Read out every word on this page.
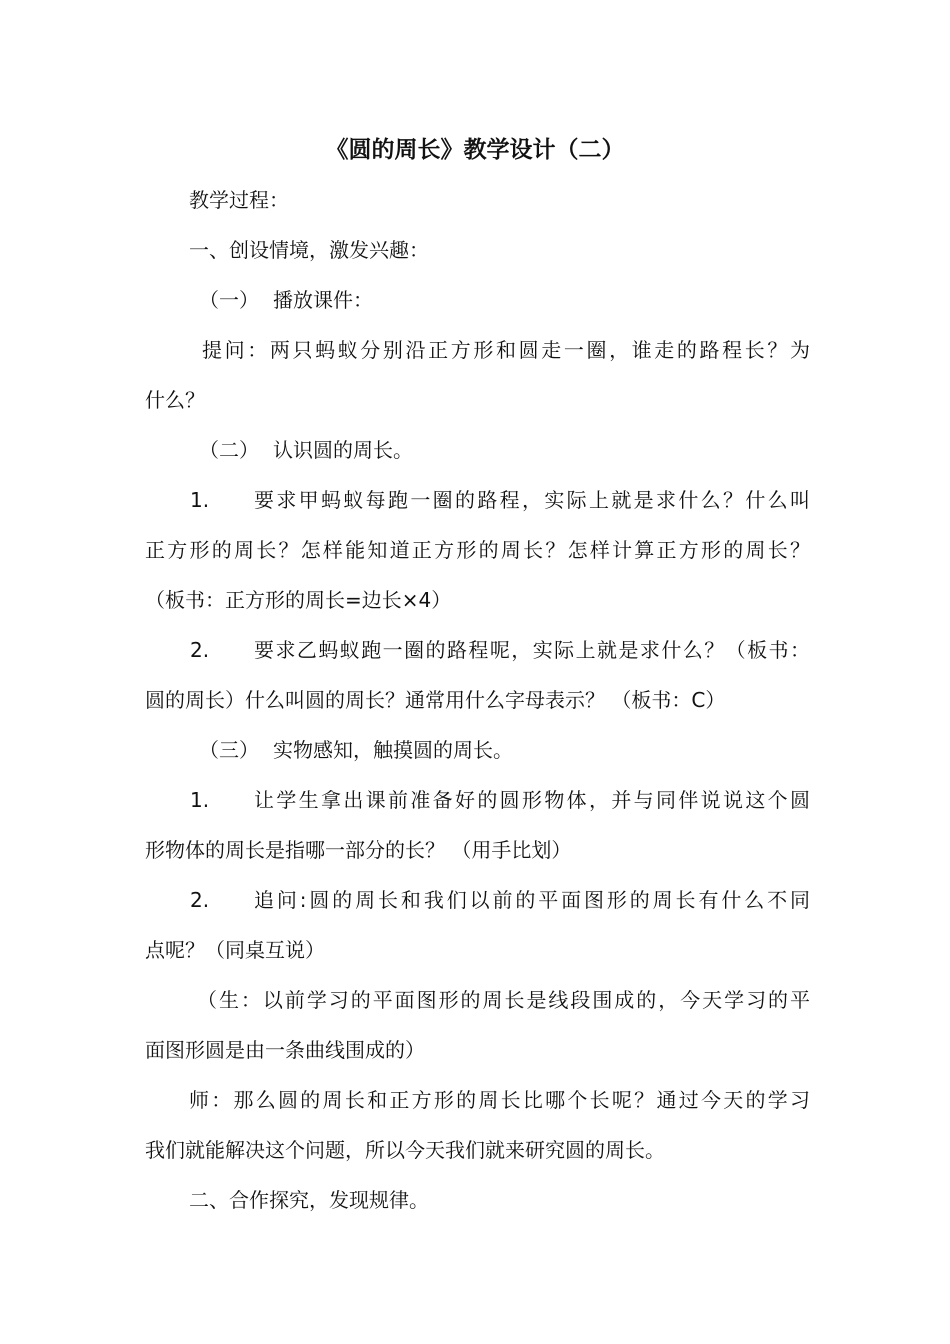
《圆的周长》教学设计（二）
教学过程：
一、创设情境，激发兴趣：
（一） 播放课件：
提问：两只蚂蚁分别沿正方形和圆走一圈，谁走的路程长？为
什么？
（二） 认识圆的周长。
1.	要求甲蚂蚁每跑一圈的路程，实际上就是求什么？什么叫
正方形的周长？怎样能知道正方形的周长？怎样计算正方形的周长？
（板书：正方形的周长=边长×4）
2.	要求乙蚂蚁跑一圈的路程呢，实际上就是求什么？（板书：
圆的周长）什么叫圆的周长？通常用什么字母表示？ （板书：C）
（三） 实物感知，触摸圆的周长。
1.	让学生拿出课前准备好的圆形物体，并与同伴说说这个圆
形物体的周长是指哪一部分的长？ （用手比划）
2.	追问:圆的周长和我们以前的平面图形的周长有什么不同
点呢？（同桌互说）
（生：以前学习的平面图形的周长是线段围成的，今天学习的平
面图形圆是由一条曲线围成的）
师：那么圆的周长和正方形的周长比哪个长呢？通过今天的学习
我们就能解决这个问题，所以今天我们就来研究圆的周长。
二、合作探究，发现规律。
